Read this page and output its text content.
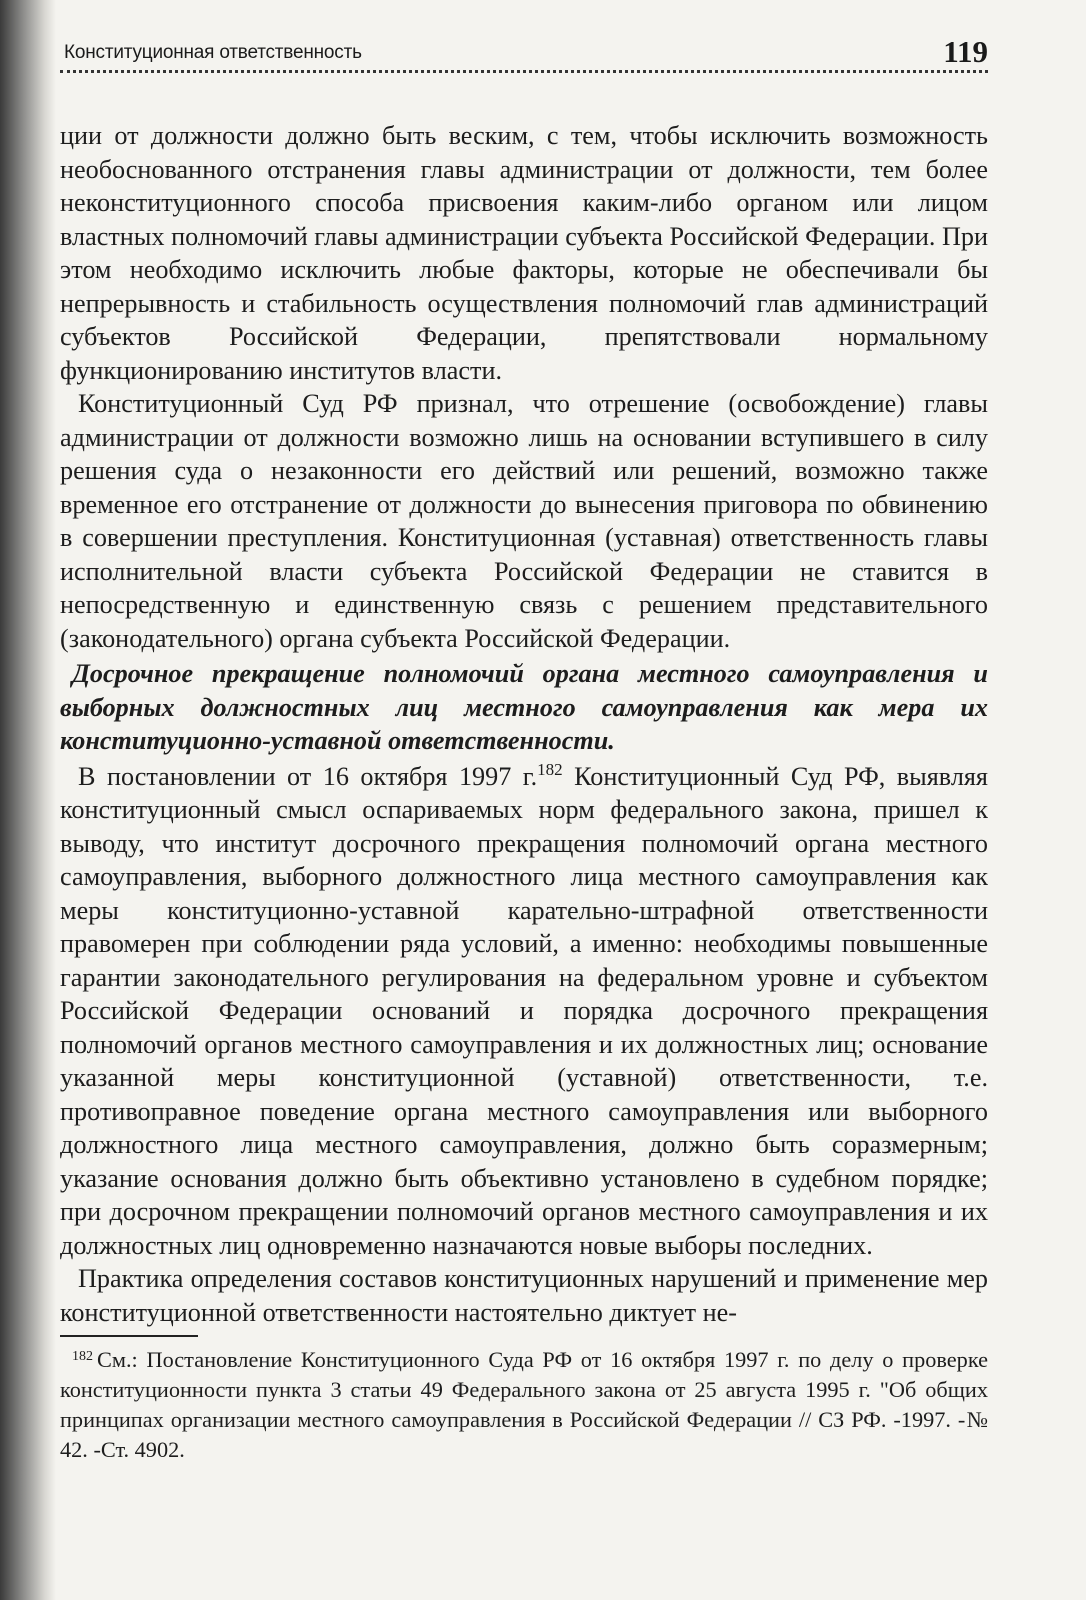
Конституционная ответственность	119

ции от должности должно быть веским, с тем, чтобы исключить возможность необоснованного отстранения главы администрации от должности, тем более неконституционного способа присвоения каким-либо органом или лицом властных полномочий главы администрации субъекта Российской Федерации. При этом необходимо исключить любые факторы, которые не обеспечивали бы непрерывность и стабильность осуществления полномочий глав администраций субъектов Российской Федерации, препятствовали нормальному функционированию институтов власти.

Конституционный Суд РФ признал, что отрешение (освобождение) главы администрации от должности возможно лишь на основании вступившего в силу решения суда о незаконности его действий или решений, возможно также временное его отстранение от должности до вынесения приговора по обвинению в совершении преступления. Конституционная (уставная) ответственность главы исполнительной власти субъекта Российской Федерации не ставится в непосредственную и единственную связь с решением представительного (законодательного) органа субъекта Российской Федерации.

Досрочное прекращение полномочий органа местного самоуправления и выборных должностных лиц местного самоуправления как мера их конституционно-уставной ответственности.

В постановлении от 16 октября 1997 г.$^{182}$ Конституционный Суд РФ, выявляя конституционный смысл оспариваемых норм федерального закона, пришел к выводу, что институт досрочного прекращения полномочий органа местного самоуправления, выборного должностного лица местного самоуправления как меры конституционно-уставной карательно-штрафной ответственности правомерен при соблюдении ряда условий, а именно: необходимы повышенные гарантии законодательного регулирования на федеральном уровне и субъектом Российской Федерации оснований и порядка досрочного прекращения полномочий органов местного самоуправления и их должностных лиц; основание указанной меры конституционной (уставной) ответственности, т.е. противоправное поведение органа местного самоуправления или выборного должностного лица местного самоуправления, должно быть соразмерным; указание основания должно быть объективно установлено в судебном порядке; при досрочном прекращении полномочий органов местного самоуправления и их должностных лиц одновременно назначаются новые выборы последних.

Практика определения составов конституционных нарушений и применение мер конституционной ответственности настоятельно диктует не-

$^{182}$ См.: Постановление Конституционного Суда РФ от 16 октября 1997 г. по делу о проверке конституционности пункта 3 статьи 49 Федерального закона от 25 августа 1995 г. "Об общих принципах организации местного самоуправления в Российской Федерации // СЗ РФ. -1997. -№ 42. -Ст. 4902.
